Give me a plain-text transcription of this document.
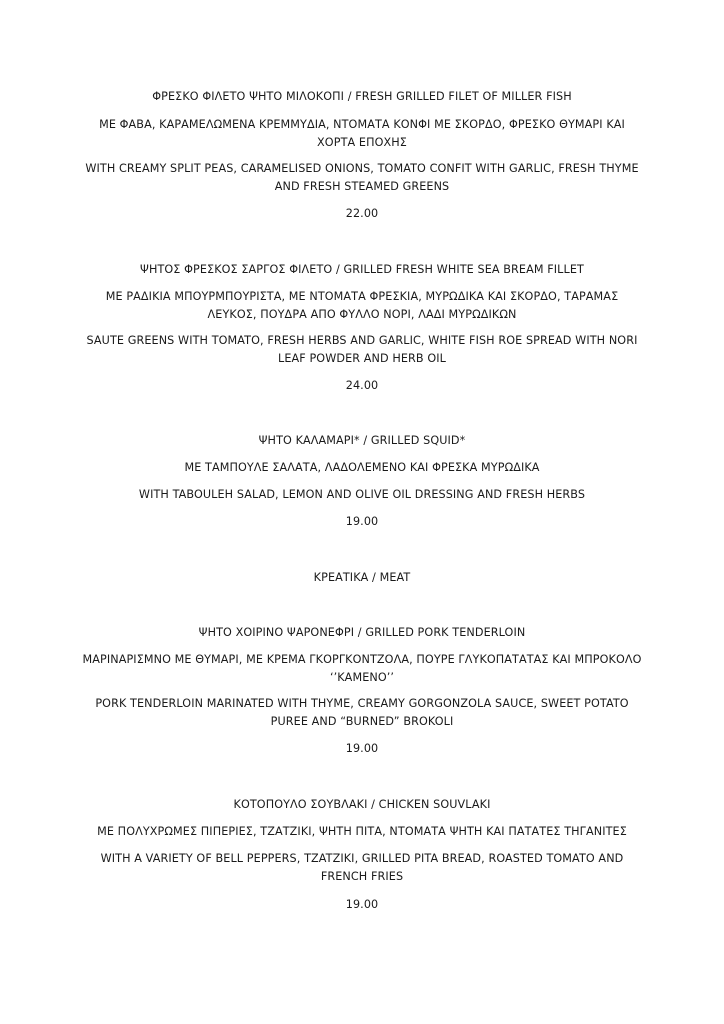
ΦΡΕΣΚΟ ΦΙΛΕΤΟ ΨΗΤΟ ΜΙΛΟΚΟΠΙ / FRESH GRILLED FILET OF MILLER FISH
ΜΕ ΦΑΒΑ, ΚΑΡΑΜΕΛΩΜΕΝΑ ΚΡΕΜΜΥΔΙΑ, ΝΤΟΜΑΤΑ ΚΟΝΦΙ ΜΕ ΣΚΟΡΔΟ, ΦΡΕΣΚΟ ΘΥΜΑΡΙ ΚΑΙ ΧΟΡΤΑ ΕΠΟΧΗΣ
WITH CREAMY SPLIT PEAS, CARAMELISED ONIONS, TOMATO CONFIT WITH GARLIC, FRESH THYME AND FRESH STEAMED GREENS
22.00
ΨΗΤΟΣ ΦΡΕΣΚΟΣ ΣΑΡΓΟΣ ΦΙΛΕΤΟ / GRILLED FRESH WHITE SEA BREAM FILLET
ΜΕ ΡΑΔΙΚΙΑ ΜΠΟΥΡΜΠΟΥΡΙΣΤΑ, ΜΕ ΝΤΟΜΑΤΑ ΦΡΕΣΚΙΑ, ΜΥΡΩΔΙΚΑ ΚΑΙ ΣΚΟΡΔΟ, ΤΑΡΑΜΑΣ ΛΕΥΚΟΣ, ΠΟΥΔΡΑ ΑΠΟ ΦΥΛΛΟ ΝΟΡΙ, ΛΑΔΙ ΜΥΡΩΔΙΚΩΝ
SAUTE GREENS WITH TOMATO, FRESH HERBS AND GARLIC, WHITE FISH ROE SPREAD WITH NORI LEAF POWDER AND HERB OIL
24.00
ΨΗΤΟ ΚΑΛΑΜΑΡΙ* / GRILLED SQUID*
ΜΕ ΤΑΜΠΟΥΛΕ ΣΑΛΑΤΑ, ΛΑΔΟΛΕΜΕΝΟ ΚΑΙ ΦΡΕΣΚΑ ΜΥΡΩΔΙΚΑ
WITH TABOULEH SALAD, LEMON AND OLIVE OIL DRESSING AND FRESH HERBS
19.00
ΚΡΕΑΤΙΚΑ / MEAT
ΨΗΤΟ ΧΟΙΡΙΝΟ ΨΑΡΟΝΕΦΡΙ / GRILLED PORK TENDERLOIN
ΜΑΡΙΝΑΡΙΣΜΝΟ ΜΕ ΘΥΜΑΡΙ, ΜΕ ΚΡΕΜΑ ΓΚΟΡΓΚΟΝΤΖΟΛΑ, ΠΟΥΡΕ ΓΛΥΚΟΠΑΤΑΤΑΣ ΚΑΙ ΜΠΡΟΚΟΛΟ ‘’ΚΑΜΕΝΟ’’
PORK TENDERLOIN MARINATED WITH THYME, CREAMY GORGONZOLA SAUCE, SWEET POTATO PUREE AND “BURNED” BROKOLI
19.00
ΚΟΤΟΠΟΥΛΟ ΣΟΥΒΛΑΚΙ / CHICKEN SOUVLAKI
ΜΕ ΠΟΛΥΧΡΩΜΕΣ ΠΙΠΕΡΙΕΣ, ΤΖΑΤΖΙΚΙ, ΨΗΤΗ ΠΙΤΑ, ΝΤΟΜΑΤΑ ΨΗΤΗ ΚΑΙ ΠΑΤΑΤΕΣ ΤΗΓΑΝΙΤΕΣ
WITH A VARIETY OF BELL PEPPERS, TZATZIKI, GRILLED PITA BREAD, ROASTED TOMATO AND FRENCH FRIES
19.00
